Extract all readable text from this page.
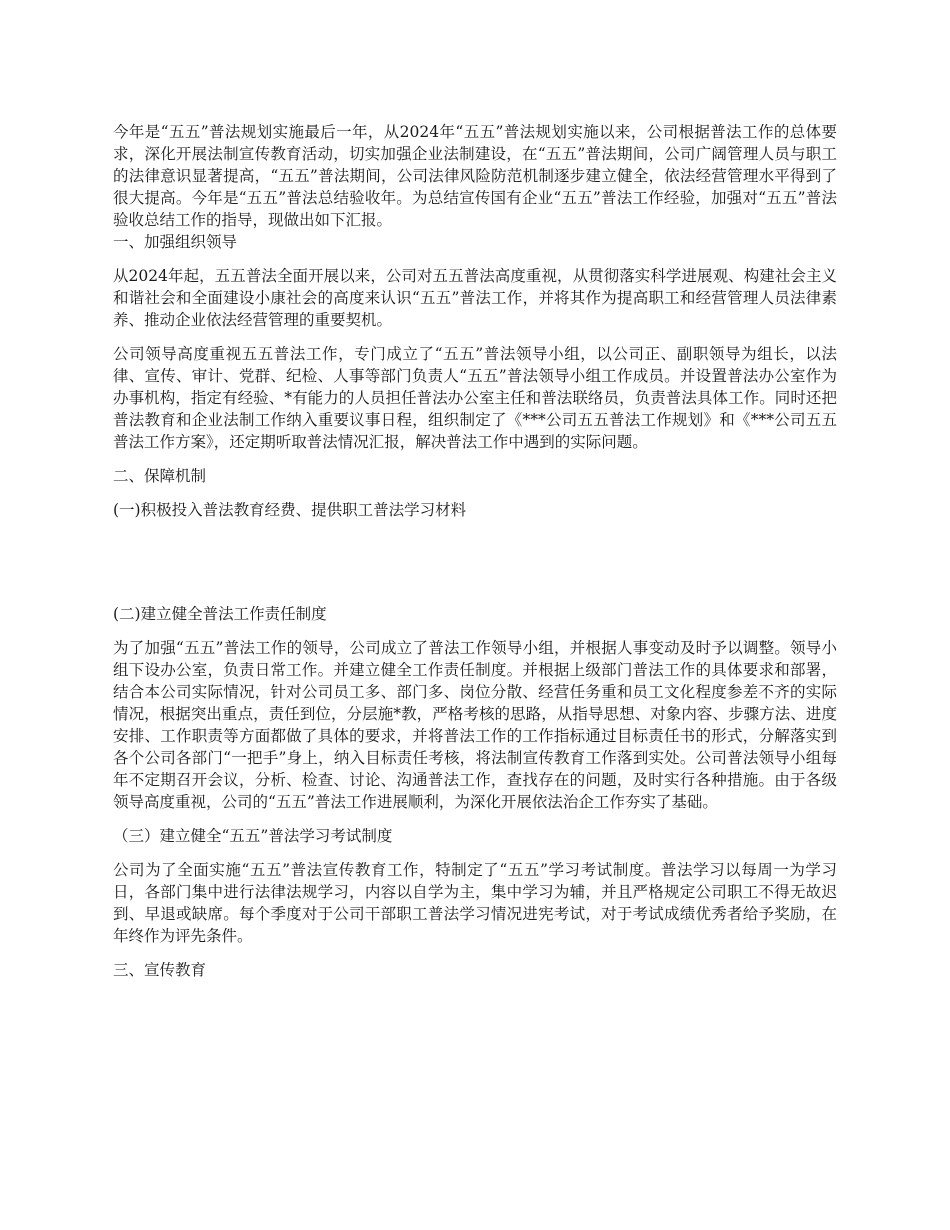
今年是“五五”普法规划实施最后一年，从2024年“五五”普法规划实施以来，公司根据普法工作的总体要求，深化开展法制宣传教育活动，切实加强企业法制建设，在“五五”普法期间，公司广阔管理人员与职工的法律意识显著提高，“五五”普法期间，公司法律风险防范机制逐步建立健全，依法经营管理水平得到了很大提高。今年是“五五”普法总结验收年。为总结宣传国有企业“五五”普法工作经验，加强对“五五”普法验收总结工作的指导，现做出如下汇报。

一、加强组织领导

从2024年起，五五普法全面开展以来，公司对五五普法高度重视，从贯彻落实科学进展观、构建社会主义和谐社会和全面建设小康社会的高度来认识“五五”普法工作，并将其作为提高职工和经营管理人员法律素养、推动企业依法经营管理的重要契机。

公司领导高度重视五五普法工作，专门成立了“五五”普法领导小组，以公司正、副职领导为组长，以法律、宣传、审计、党群、纪检、人事等部门负责人“五五”普法领导小组工作成员。并设置普法办公室作为办事机构，指定有经验、*有能力的人员担任普法办公室主任和普法联络员，负责普法具体工作。同时还把普法教育和企业法制工作纳入重要议事日程，组织制定了《***公司五五普法工作规划》和《***公司五五普法工作方案》，还定期听取普法情况汇报，解决普法工作中遇到的实际问题。

二、保障机制

(一)积极投入普法教育经费、提供职工普法学习材料

(二)建立健全普法工作责任制度

为了加强“五五”普法工作的领导，公司成立了普法工作领导小组，并根据人事变动及时予以调整。领导小组下设办公室，负责日常工作。并建立健全工作责任制度。并根据上级部门普法工作的具体要求和部署，结合本公司实际情况，针对公司员工多、部门多、岗位分散、经营任务重和员工文化程度参差不齐的实际情况，根据突出重点，责任到位，分层施*教，严格考核的思路，从指导思想、对象内容、步骤方法、进度安排、工作职责等方面都做了具体的要求，并将普法工作的工作指标通过目标责任书的形式，分解落实到各个公司各部门“一把手”身上，纳入目标责任考核，将法制宣传教育工作落到实处。公司普法领导小组每年不定期召开会议，分析、检查、讨论、沟通普法工作，查找存在的问题，及时实行各种措施。由于各级领导高度重视，公司的“五五”普法工作进展顺利，为深化开展依法治企工作夯实了基础。

（三）建立健全“五五”普法学习考试制度

公司为了全面实施“五五”普法宣传教育工作，特制定了“五五”学习考试制度。普法学习以每周一为学习日，各部门集中进行法律法规学习，内容以自学为主，集中学习为辅，并且严格规定公司职工不得无故迟到、早退或缺席。每个季度对于公司干部职工普法学习情况进宪考试，对于考试成绩优秀者给予奖励，在年终作为评先条件。

三、宣传教育
